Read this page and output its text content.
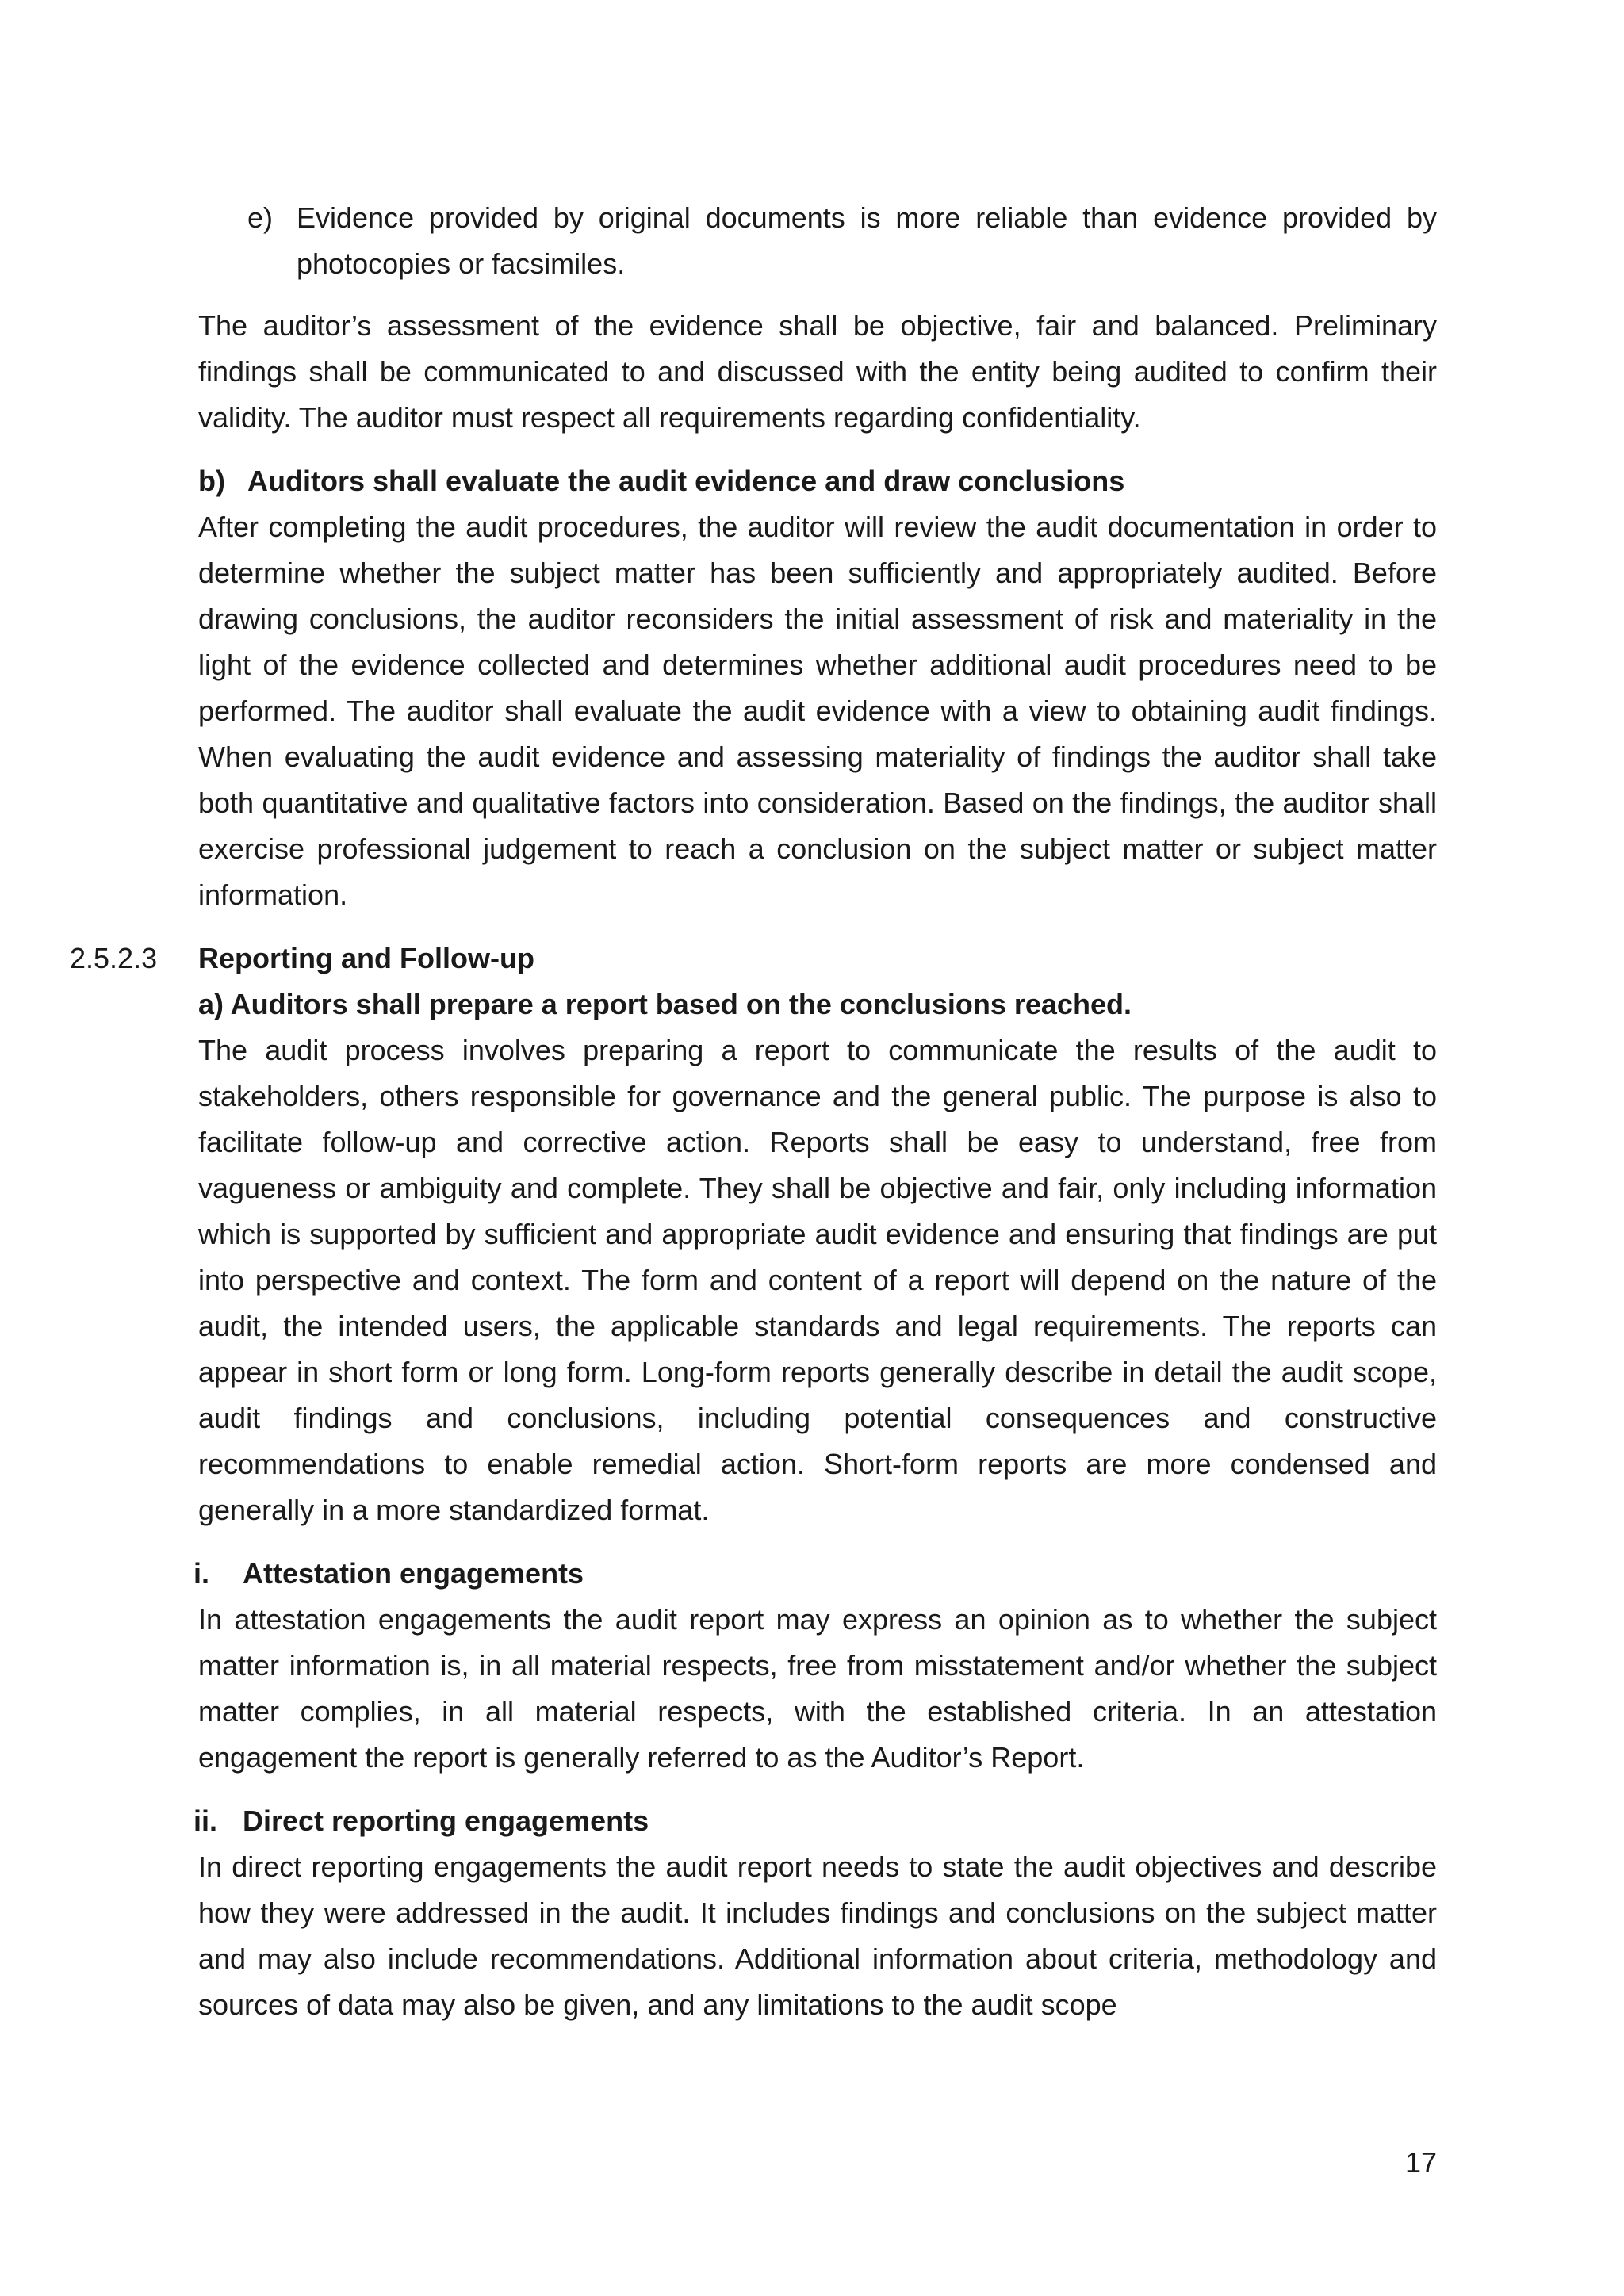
e) Evidence provided by original documents is more reliable than evidence provided by photocopies or facsimiles.

The auditor’s assessment of the evidence shall be objective, fair and balanced. Preliminary findings shall be communicated to and discussed with the entity being audited to confirm their validity. The auditor must respect all requirements regarding confidentiality.

b) Auditors shall evaluate the audit evidence and draw conclusions

After completing the audit procedures, the auditor will review the audit documentation in order to determine whether the subject matter has been sufficiently and appropriately audited. Before drawing conclusions, the auditor reconsiders the initial assessment of risk and materiality in the light of the evidence collected and determines whether additional audit procedures need to be performed. The auditor shall evaluate the audit evidence with a view to obtaining audit findings. When evaluating the audit evidence and assessing materiality of findings the auditor shall take both quantitative and qualitative factors into consideration. Based on the findings, the auditor shall exercise professional judgement to reach a conclusion on the subject matter or subject matter information.

2.5.2.3 Reporting and Follow-up
a) Auditors shall prepare a report based on the conclusions reached.

The audit process involves preparing a report to communicate the results of the audit to stakeholders, others responsible for governance and the general public. The purpose is also to facilitate follow-up and corrective action. Reports shall be easy to understand, free from vagueness or ambiguity and complete. They shall be objective and fair, only including information which is supported by sufficient and appropriate audit evidence and ensuring that findings are put into perspective and context. The form and content of a report will depend on the nature of the audit, the intended users, the applicable standards and legal requirements. The reports can appear in short form or long form. Long-form reports generally describe in detail the audit scope, audit findings and conclusions, including potential consequences and constructive recommendations to enable remedial action. Short-form reports are more condensed and generally in a more standardized format.

i. Attestation engagements

In attestation engagements the audit report may express an opinion as to whether the subject matter information is, in all material respects, free from misstatement and/or whether the subject matter complies, in all material respects, with the established criteria. In an attestation engagement the report is generally referred to as the Auditor’s Report.

ii. Direct reporting engagements

In direct reporting engagements the audit report needs to state the audit objectives and describe how they were addressed in the audit. It includes findings and conclusions on the subject matter and may also include recommendations. Additional information about criteria, methodology and sources of data may also be given, and any limitations to the audit scope

17
